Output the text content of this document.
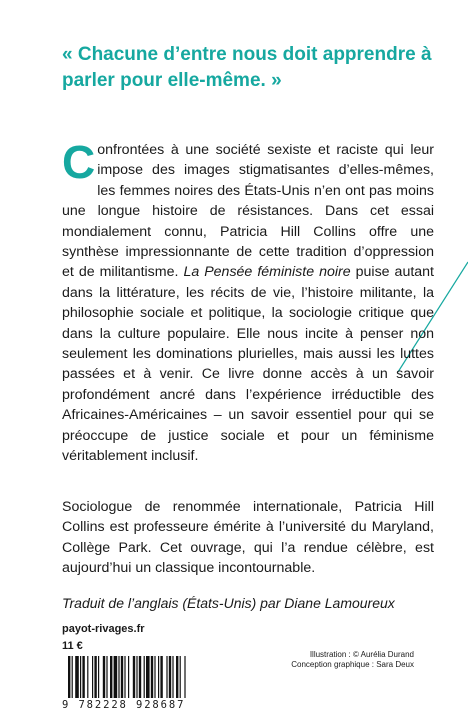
« Chacune d’entre nous doit apprendre à parler pour elle-même. »

Confrontées à une société sexiste et raciste qui leur impose des images stigmatisantes d’elles-mêmes, les femmes noires des États-Unis n’en ont pas moins une longue histoire de résistances. Dans cet essai mondialement connu, Patricia Hill Collins offre une synthèse impressionnante de cette tradition d’oppression et de militantisme. La Pensée féministe noire puise autant dans la littérature, les récits de vie, l’histoire militante, la philosophie sociale et politique, la sociologie critique que dans la culture populaire. Elle nous incite à penser non seulement les dominations plurielles, mais aussi les luttes passées et à venir. Ce livre donne accès à un savoir profondément ancré dans l’expérience irréductible des Africaines-Américaines – un savoir essentiel pour qui se préoccupe de justice sociale et pour un féminisme véritablement inclusif.

Sociologue de renommée internationale, Patricia Hill Collins est professeure émérite à l’université du Maryland, Collège Park. Cet ouvrage, qui l’a rendue célèbre, est aujourd’hui un classique incontournable.

Traduit de l’anglais (États-Unis) par Diane Lamoureux

payot-rivages.fr
11 €
Illustration : © Aurélia Durand
Conception graphique : Sara Deux
9 782228 928687
